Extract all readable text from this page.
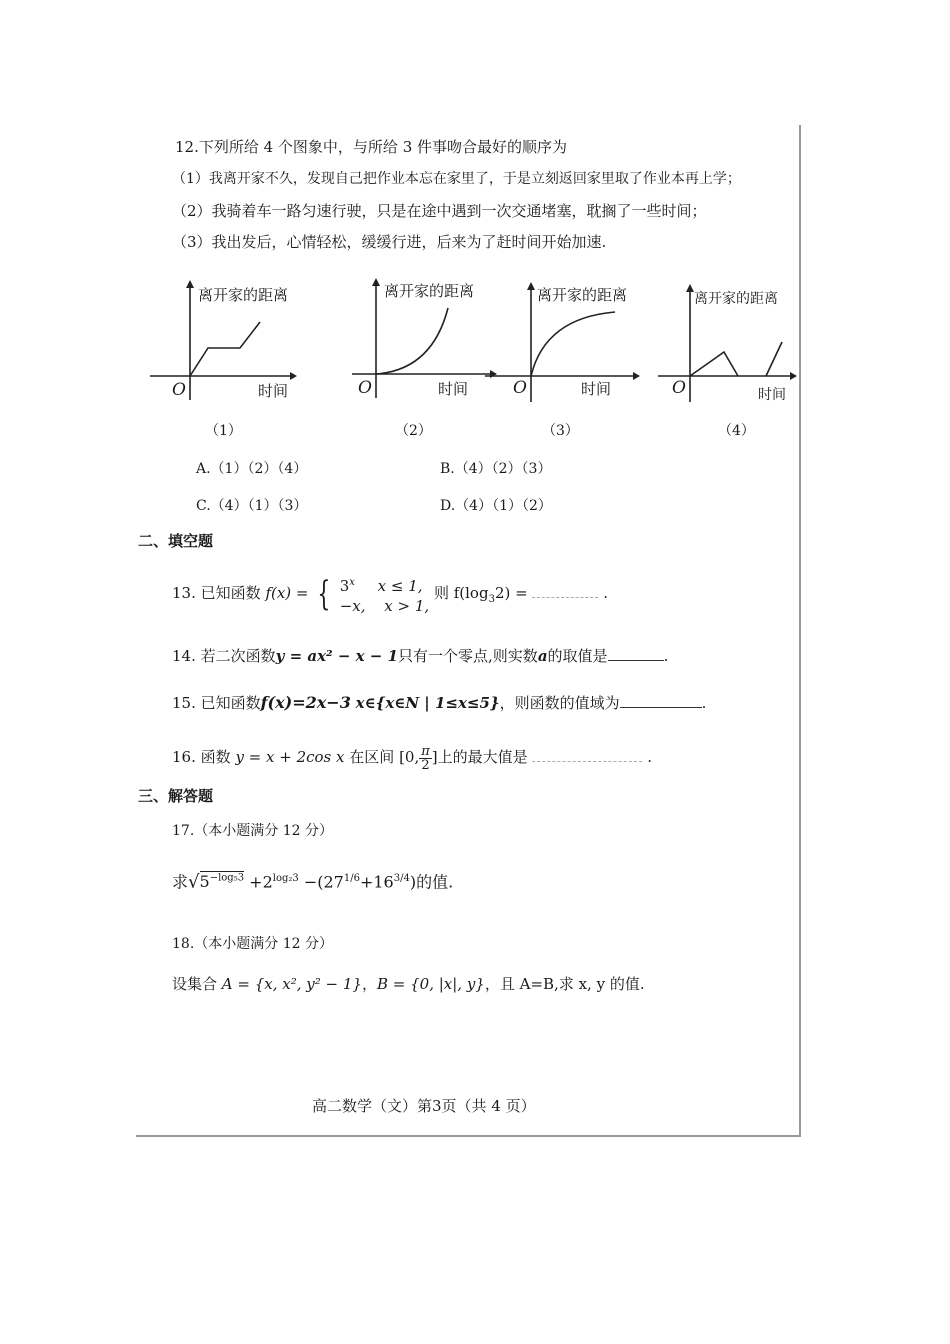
12.下列所给 4 个图象中，与所给 3 件事吻合最好的顺序为
（1）我离开家不久，发现自己把作业本忘在家里了，于是立刻返回家里取了作业本再上学；
（2）我骑着车一路匀速行驶，只是在途中遇到一次交通堵塞，耽搁了一些时间；
（3）我出发后，心情轻松，缓缓行进，后来为了赶时间开始加速.
离开家的距离
O	时间
（1）
离开家的距离
O	时间
（2）
离开家的距离
O	时间
（3）
离开家的距离
O	时间
（4）
A.（1）（2）（4）	B.（4）（2）（3）
C.（4）（1）（3）	D.（4）（1）（2）
二、填空题
13. 已知函数 f(x) = { 3$^x$ x ≤ 1,
−x, x > 1,
则 $f(\log_32)$ =	.
14. 若二次函数y = ax² − x − 1只有一个零点,则实数a的取值是	.
15. 已知函数f(x)=2x−3 x∈{x∈N | 1≤x≤5}，则函数的值域为	.
16. 函数 y = x + 2cos x 在区间 [0, $\frac{\pi}{2}$ ]上的最大值是	.
三、解答题
17.（本小题满分 12 分）
求$√5^{-log_53} +2^{log_23} -(27^{1/6}+16^{3/4})$的值.
18.（本小题满分 12 分）
设集合 A = {x, x², y² − 1}，B = {0, |x|, y}，且 A=B,求 x, y 的值.
高二数学（文）第3页（共 4 页）
